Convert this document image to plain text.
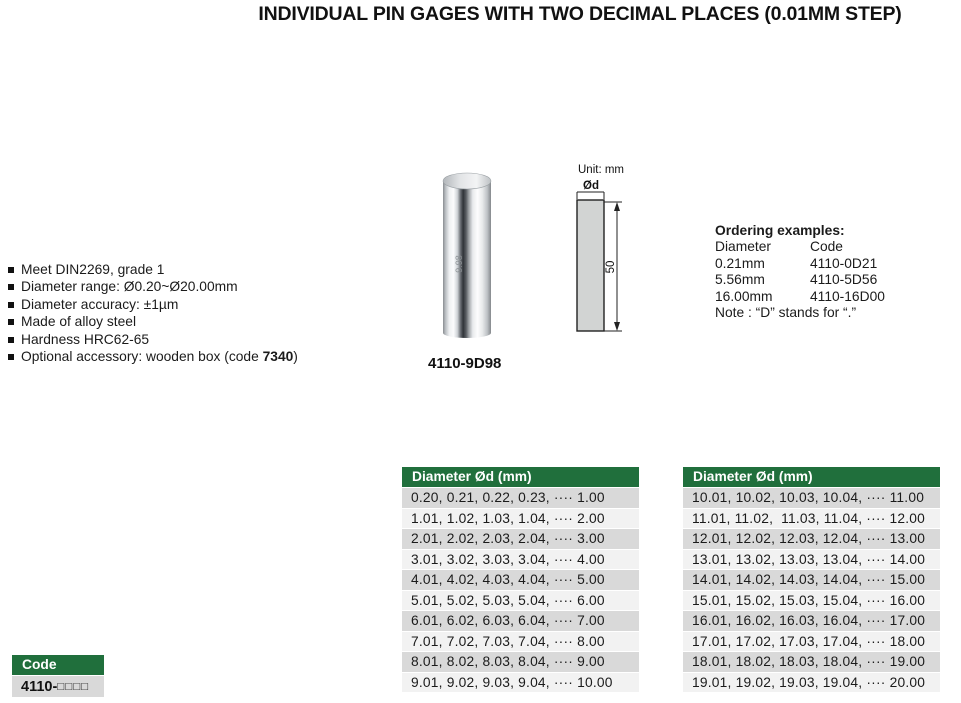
INDIVIDUAL PIN GAGES WITH TWO DECIMAL PLACES (0.01MM STEP)
Meet DIN2269, grade 1
Diameter range: Ø0.20~Ø20.00mm
Diameter accuracy: ±1µm
Made of alloy steel
Hardness HRC62-65
Optional accessory: wooden box (code 7340)
9.98
4110-9D98
Unit: mm
Ød
50
Ordering examples:
Diameter	Code
0.21mm	4110-0D21
5.56mm	4110-5D56
16.00mm	4110-16D00
Note : “D” stands for “.”
Diameter Ød (mm)
0.20, 0.21, 0.22, 0.23, ···· 1.00
1.01, 1.02, 1.03, 1.04, ···· 2.00
2.01, 2.02, 2.03, 2.04, ···· 3.00
3.01, 3.02, 3.03, 3.04, ···· 4.00
4.01, 4.02, 4.03, 4.04, ···· 5.00
5.01, 5.02, 5.03, 5.04, ···· 6.00
6.01, 6.02, 6.03, 6.04, ···· 7.00
7.01, 7.02, 7.03, 7.04, ···· 8.00
8.01, 8.02, 8.03, 8.04, ···· 9.00
9.01, 9.02, 9.03, 9.04, ···· 10.00
Diameter Ød (mm)
10.01, 10.02, 10.03, 10.04, ···· 11.00
11.01, 11.02,  11.03, 11.04, ···· 12.00
12.01, 12.02, 12.03, 12.04, ···· 13.00
13.01, 13.02, 13.03, 13.04, ···· 14.00
14.01, 14.02, 14.03, 14.04, ···· 15.00
15.01, 15.02, 15.03, 15.04, ···· 16.00
16.01, 16.02, 16.03, 16.04, ···· 17.00
17.01, 17.02, 17.03, 17.04, ···· 18.00
18.01, 18.02, 18.03, 18.04, ···· 19.00
19.01, 19.02, 19.03, 19.04, ···· 20.00
Code
4110- □□□□
